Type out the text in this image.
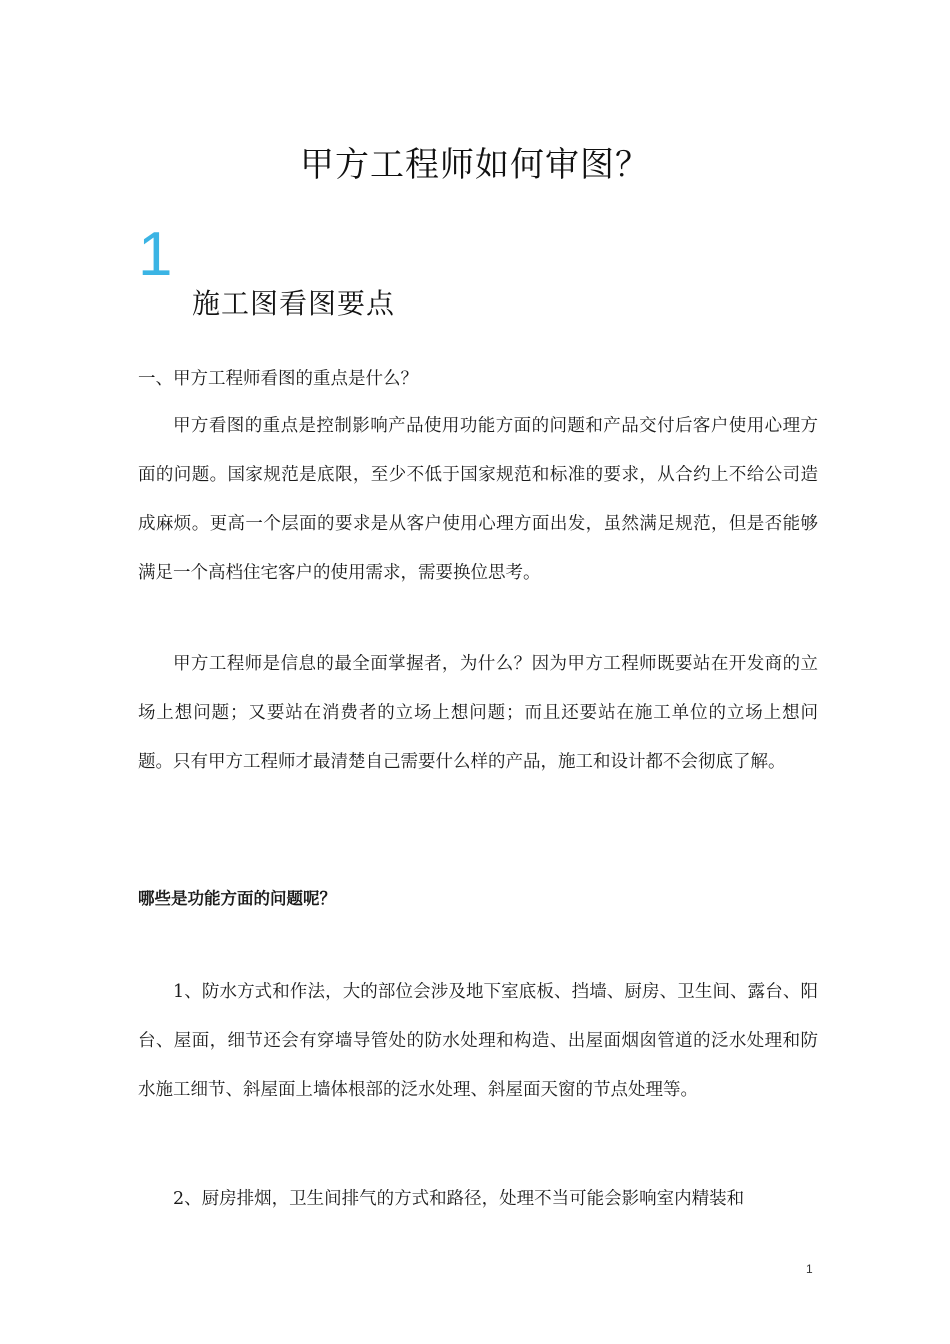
甲方工程师如何审图？
1
施工图看图要点
一、甲方工程师看图的重点是什么？

甲方看图的重点是控制影响产品使用功能方面的问题和产品交付后客户使用心理方面的问题。国家规范是底限，至少不低于国家规范和标准的要求，从合约上不给公司造成麻烦。更高一个层面的要求是从客户使用心理方面出发，虽然满足规范，但是否能够满足一个高档住宅客户的使用需求，需要换位思考。

甲方工程师是信息的最全面掌握者，为什么？因为甲方工程师既要站在开发商的立场上想问题；又要站在消费者的立场上想问题；而且还要站在施工单位的立场上想问题。只有甲方工程师才最清楚自己需要什么样的产品，施工和设计都不会彻底了解。

哪些是功能方面的问题呢？

1、防水方式和作法，大的部位会涉及地下室底板、挡墙、厨房、卫生间、露台、阳台、屋面，细节还会有穿墙导管处的防水处理和构造、出屋面烟囱管道的泛水处理和防水施工细节、斜屋面上墙体根部的泛水处理、斜屋面天窗的节点处理等。

2、厨房排烟，卫生间排气的方式和路径，处理不当可能会影响室内精装和

1
